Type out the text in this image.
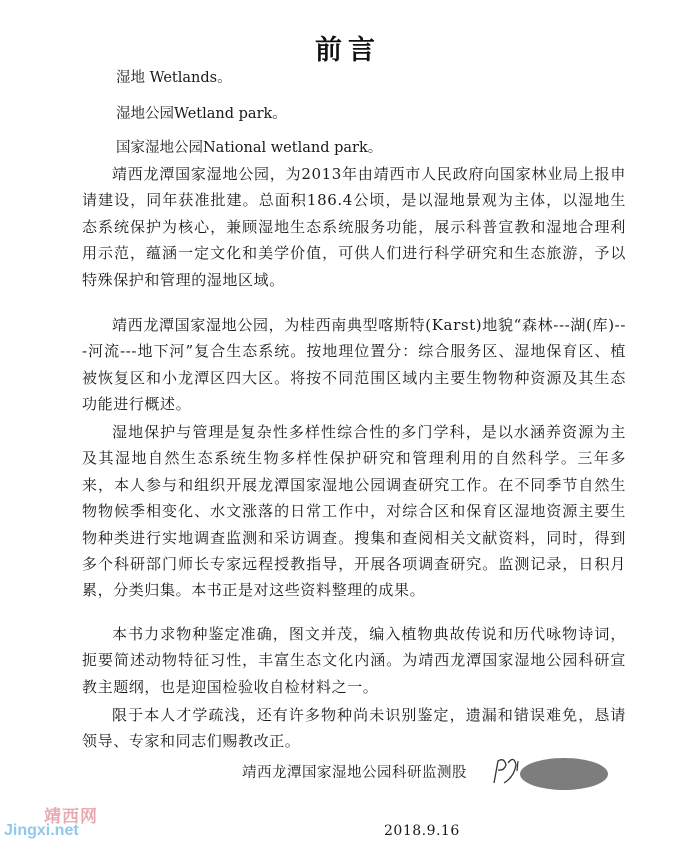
前言
湿地 Wetlands。
湿地公园Wetland park。
国家湿地公园National wetland park。

靖西龙潭国家湿地公园，为2013年由靖西市人民政府向国家林业局上报申请建设，同年获准批建。总面积186.4公顷，是以湿地景观为主体，以湿地生态系统保护为核心，兼顾湿地生态系统服务功能，展示科普宣教和湿地合理利用示范，蕴涵一定文化和美学价值，可供人们进行科学研究和生态旅游，予以特殊保护和管理的湿地区域。

靖西龙潭国家湿地公园，为桂西南典型喀斯特(Karst)地貌“森林---湖(库)---河流---地下河”复合生态系统。按地理位置分：综合服务区、湿地保育区、植被恢复区和小龙潭区四大区。将按不同范围区域内主要生物物种资源及其生态功能进行概述。

湿地保护与管理是复杂性多样性综合性的多门学科，是以水涵养资源为主及其湿地自然生态系统生物多样性保护研究和管理利用的自然科学。三年多来，本人参与和组织开展龙潭国家湿地公园调查研究工作。在不同季节自然生物物候季相变化、水文涨落的日常工作中，对综合区和保育区湿地资源主要生物种类进行实地调查监测和采访调查。搜集和查阅相关文献资料，同时，得到多个科研部门师长专家远程授教指导，开展各项调查研究。监测记录，日积月累，分类归集。本书正是对这些资料整理的成果。

本书力求物种鉴定准确，图文并茂，编入植物典故传说和历代咏物诗词，扼要简述动物特征习性，丰富生态文化内涵。为靖西龙潭国家湿地公园科研宣教主题纲，也是迎国检验收自检材料之一。

限于本人才学疏浅，还有许多物种尚未识别鉴定，遗漏和错误难免，恳请领导、专家和同志们赐教改正。

靖西龙潭国家湿地公园科研监测股
2018.9.16
靖西网
Jingxi.net
